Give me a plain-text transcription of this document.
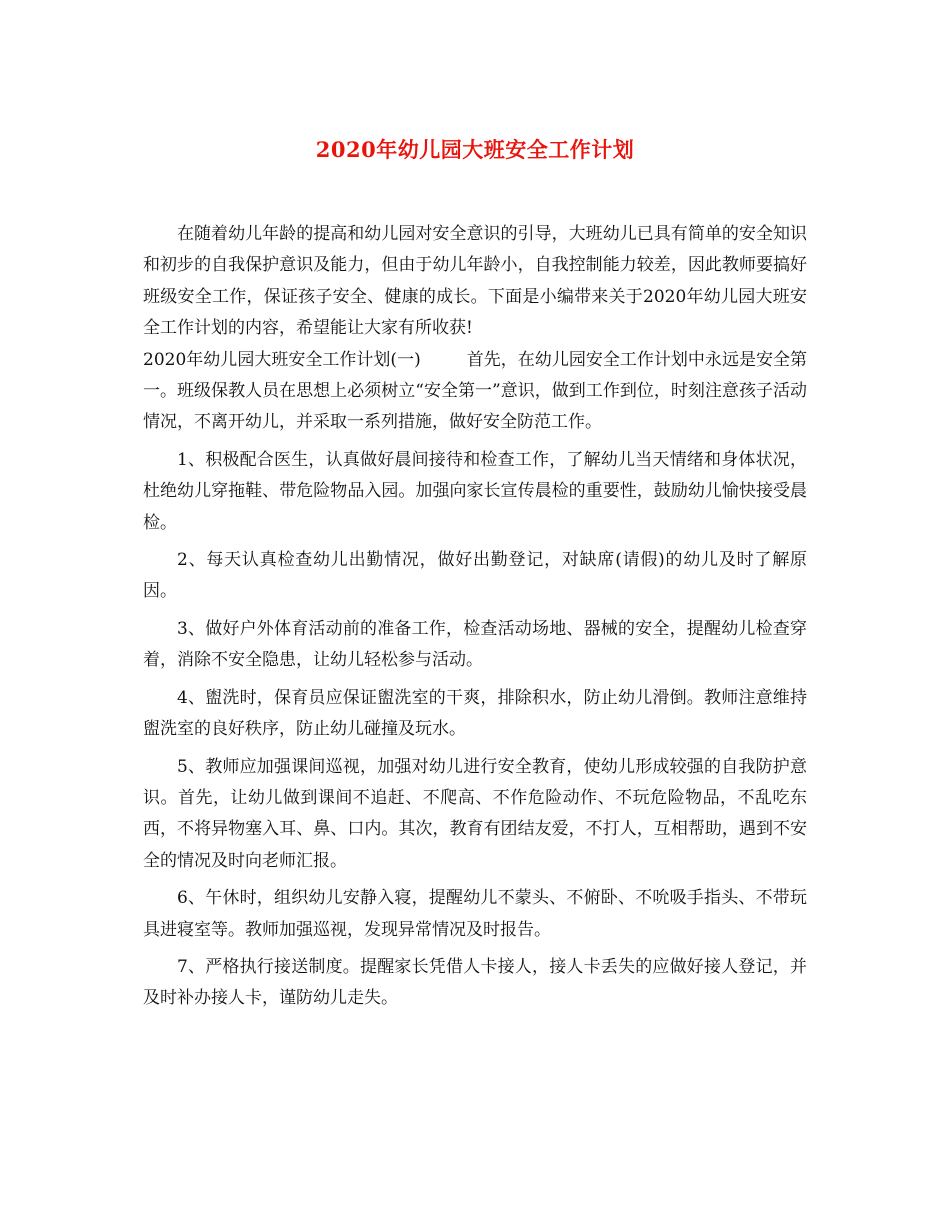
2020年幼儿园大班安全工作计划

在随着幼儿年龄的提高和幼儿园对安全意识的引导，大班幼儿已具有简单的安全知识和初步的自我保护意识及能力，但由于幼儿年龄小，自我控制能力较差，因此教师要搞好班级安全工作，保证孩子安全、健康的成长。下面是小编带来关于2020年幼儿园大班安全工作计划的内容，希望能让大家有所收获!

2020年幼儿园大班安全工作计划(一)	首先，在幼儿园安全工作计划中永远是安全第一。班级保教人员在思想上必须树立“安全第一”意识，做到工作到位，时刻注意孩子活动情况，不离开幼儿，并采取一系列措施，做好安全防范工作。

1、积极配合医生，认真做好晨间接待和检查工作，了解幼儿当天情绪和身体状况，杜绝幼儿穿拖鞋、带危险物品入园。加强向家长宣传晨检的重要性，鼓励幼儿愉快接受晨检。

2、每天认真检查幼儿出勤情况，做好出勤登记，对缺席(请假)的幼儿及时了解原因。

3、做好户外体育活动前的准备工作，检查活动场地、器械的安全，提醒幼儿检查穿着，消除不安全隐患，让幼儿轻松参与活动。

4、盥洗时，保育员应保证盥洗室的干爽，排除积水，防止幼儿滑倒。教师注意维持盥洗室的良好秩序，防止幼儿碰撞及玩水。

5、教师应加强课间巡视，加强对幼儿进行安全教育，使幼儿形成较强的自我防护意识。首先，让幼儿做到课间不追赶、不爬高、不作危险动作、不玩危险物品，不乱吃东西，不将异物塞入耳、鼻、口内。其次，教育有团结友爱，不打人，互相帮助，遇到不安全的情况及时向老师汇报。

6、午休时，组织幼儿安静入寝，提醒幼儿不蒙头、不俯卧、不吮吸手指头、不带玩具进寝室等。教师加强巡视，发现异常情况及时报告。

7、严格执行接送制度。提醒家长凭借人卡接人，接人卡丢失的应做好接人登记，并及时补办接人卡，谨防幼儿走失。
